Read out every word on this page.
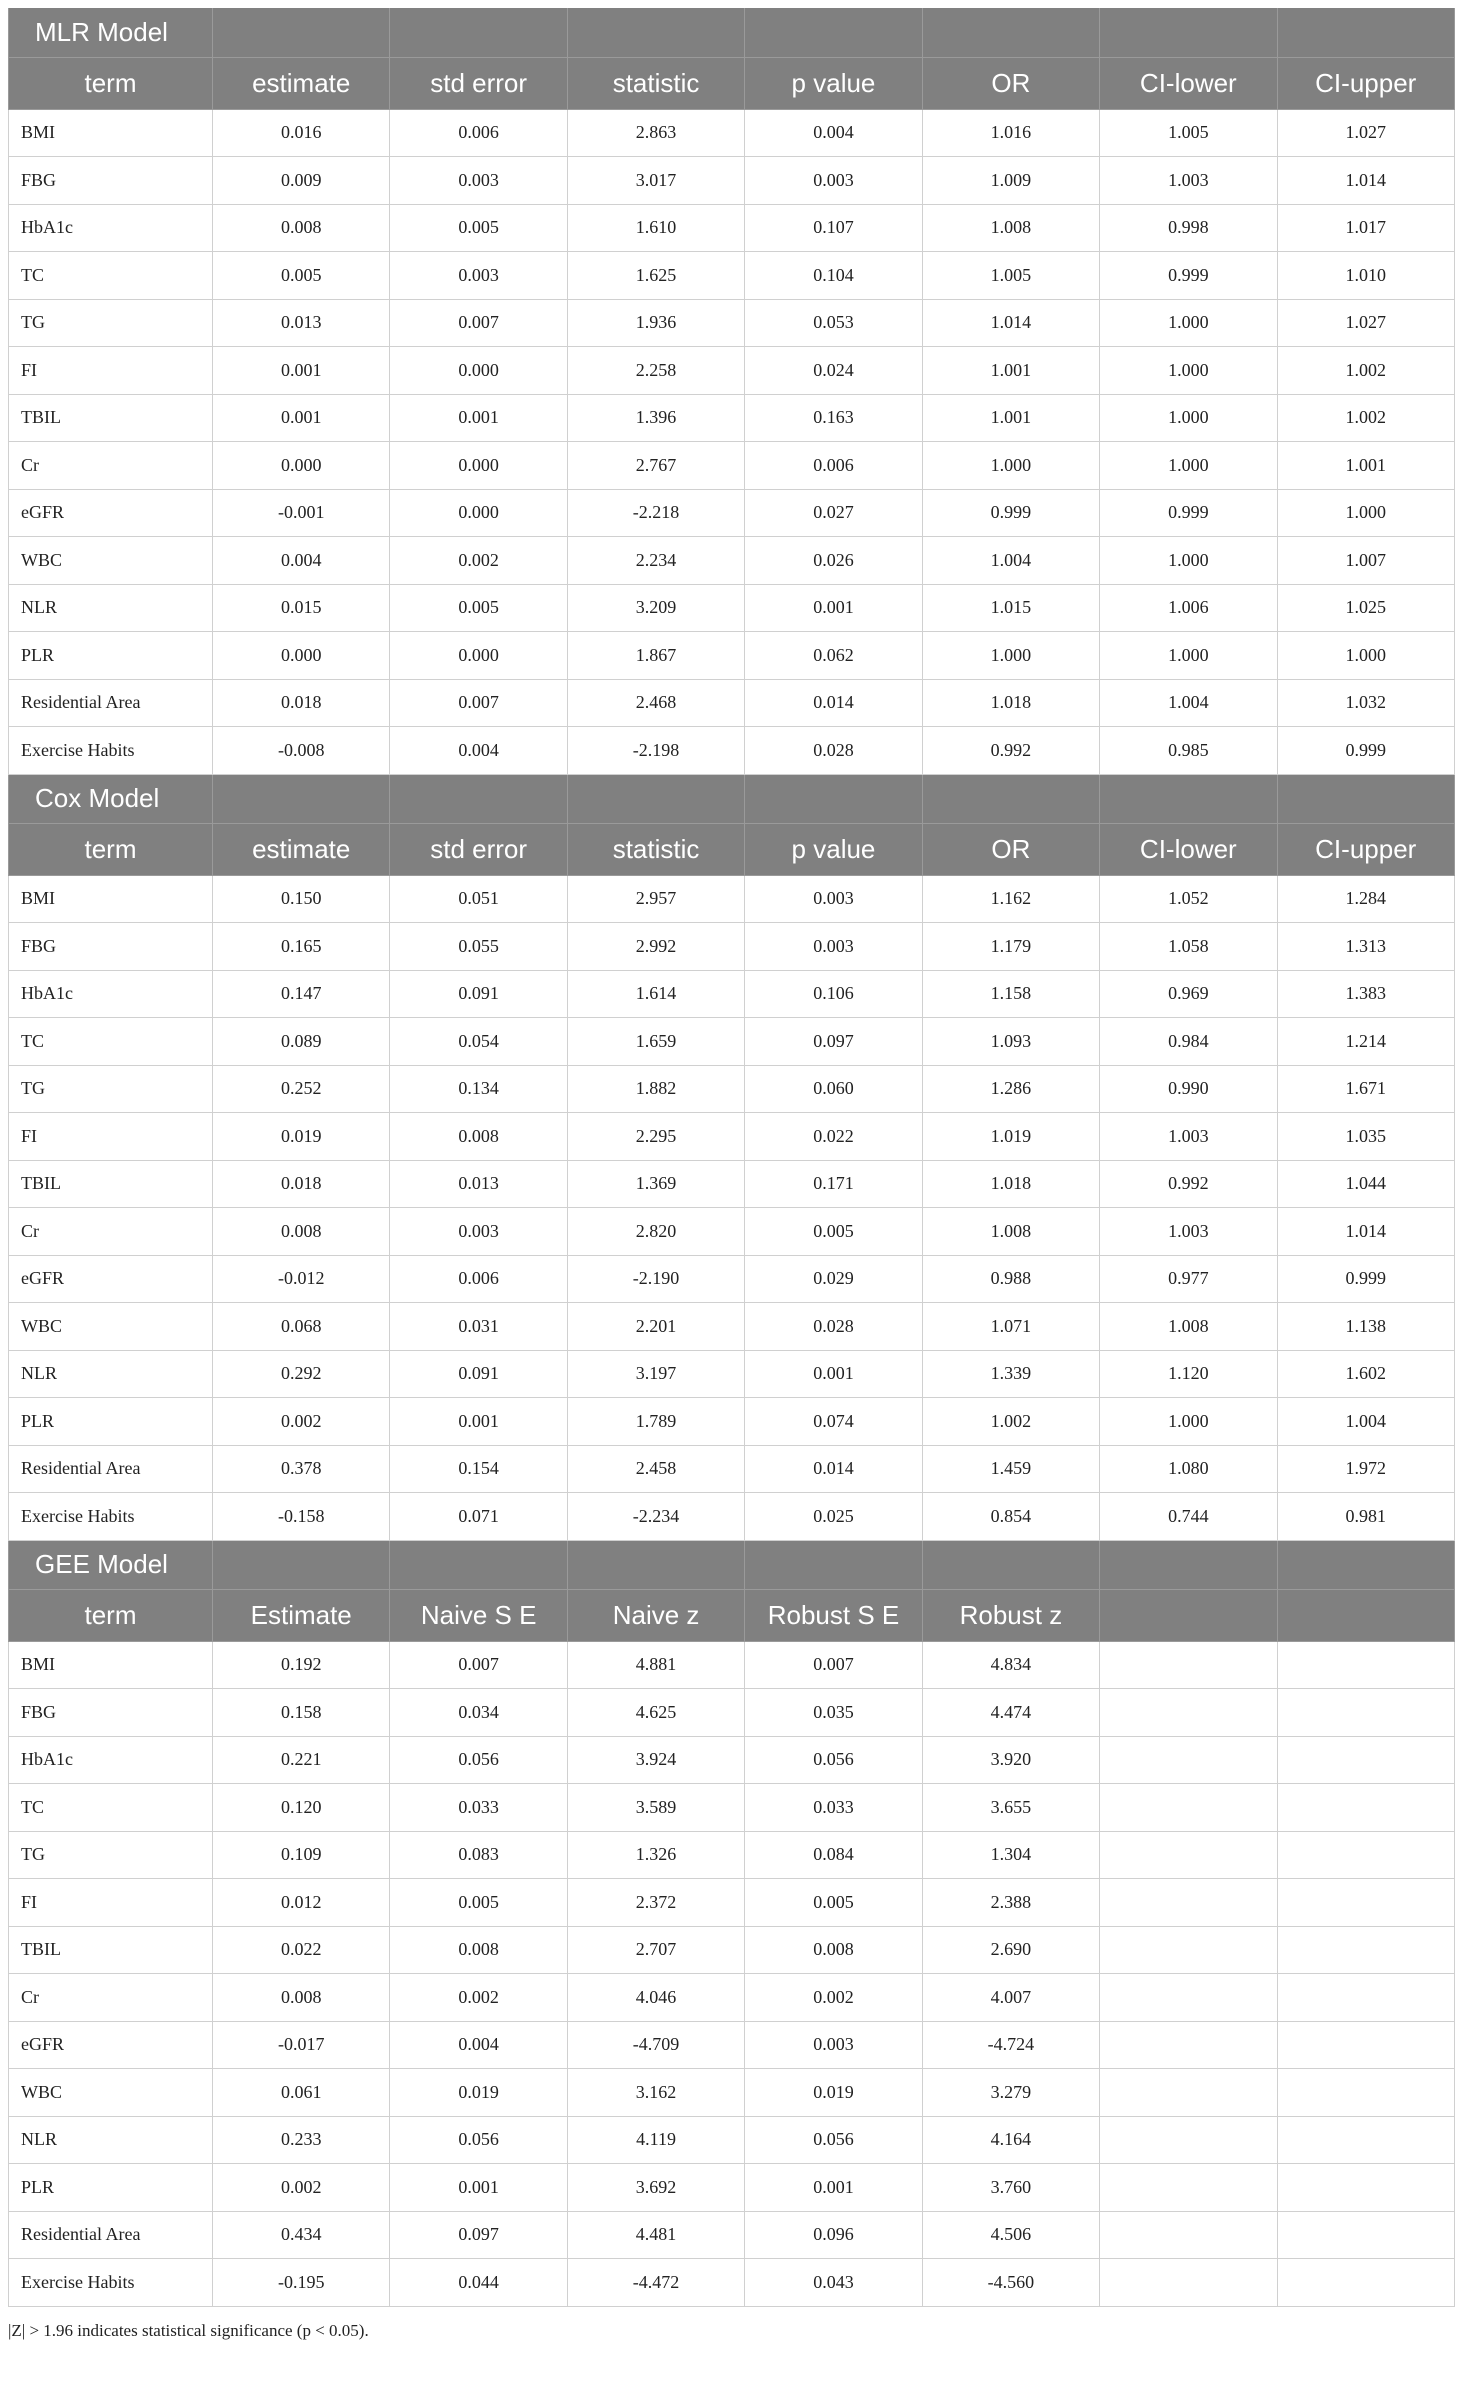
MLR Model							
term	estimate	std error	statistic	p value	OR	CI-lower	CI-upper
BMI	0.016	0.006	2.863	0.004	1.016	1.005	1.027
FBG	0.009	0.003	3.017	0.003	1.009	1.003	1.014
HbA1c	0.008	0.005	1.610	0.107	1.008	0.998	1.017
TC	0.005	0.003	1.625	0.104	1.005	0.999	1.010
TG	0.013	0.007	1.936	0.053	1.014	1.000	1.027
FI	0.001	0.000	2.258	0.024	1.001	1.000	1.002
TBIL	0.001	0.001	1.396	0.163	1.001	1.000	1.002
Cr	0.000	0.000	2.767	0.006	1.000	1.000	1.001
eGFR	-0.001	0.000	-2.218	0.027	0.999	0.999	1.000
WBC	0.004	0.002	2.234	0.026	1.004	1.000	1.007
NLR	0.015	0.005	3.209	0.001	1.015	1.006	1.025
PLR	0.000	0.000	1.867	0.062	1.000	1.000	1.000
Residential Area	0.018	0.007	2.468	0.014	1.018	1.004	1.032
Exercise Habits	-0.008	0.004	-2.198	0.028	0.992	0.985	0.999
Cox Model							
term	estimate	std error	statistic	p value	OR	CI-lower	CI-upper
BMI	0.150	0.051	2.957	0.003	1.162	1.052	1.284
FBG	0.165	0.055	2.992	0.003	1.179	1.058	1.313
HbA1c	0.147	0.091	1.614	0.106	1.158	0.969	1.383
TC	0.089	0.054	1.659	0.097	1.093	0.984	1.214
TG	0.252	0.134	1.882	0.060	1.286	0.990	1.671
FI	0.019	0.008	2.295	0.022	1.019	1.003	1.035
TBIL	0.018	0.013	1.369	0.171	1.018	0.992	1.044
Cr	0.008	0.003	2.820	0.005	1.008	1.003	1.014
eGFR	-0.012	0.006	-2.190	0.029	0.988	0.977	0.999
WBC	0.068	0.031	2.201	0.028	1.071	1.008	1.138
NLR	0.292	0.091	3.197	0.001	1.339	1.120	1.602
PLR	0.002	0.001	1.789	0.074	1.002	1.000	1.004
Residential Area	0.378	0.154	2.458	0.014	1.459	1.080	1.972
Exercise Habits	-0.158	0.071	-2.234	0.025	0.854	0.744	0.981
GEE Model							
term	Estimate	Naive S E	Naive z	Robust S E	Robust z		
BMI	0.192	0.007	4.881	0.007	4.834		
FBG	0.158	0.034	4.625	0.035	4.474		
HbA1c	0.221	0.056	3.924	0.056	3.920		
TC	0.120	0.033	3.589	0.033	3.655		
TG	0.109	0.083	1.326	0.084	1.304		
FI	0.012	0.005	2.372	0.005	2.388		
TBIL	0.022	0.008	2.707	0.008	2.690		
Cr	0.008	0.002	4.046	0.002	4.007		
eGFR	-0.017	0.004	-4.709	0.003	-4.724		
WBC	0.061	0.019	3.162	0.019	3.279		
NLR	0.233	0.056	4.119	0.056	4.164		
PLR	0.002	0.001	3.692	0.001	3.760		
Residential Area	0.434	0.097	4.481	0.096	4.506		
Exercise Habits	-0.195	0.044	-4.472	0.043	-4.560		
|Z| > 1.96 indicates statistical significance (p < 0.05).
